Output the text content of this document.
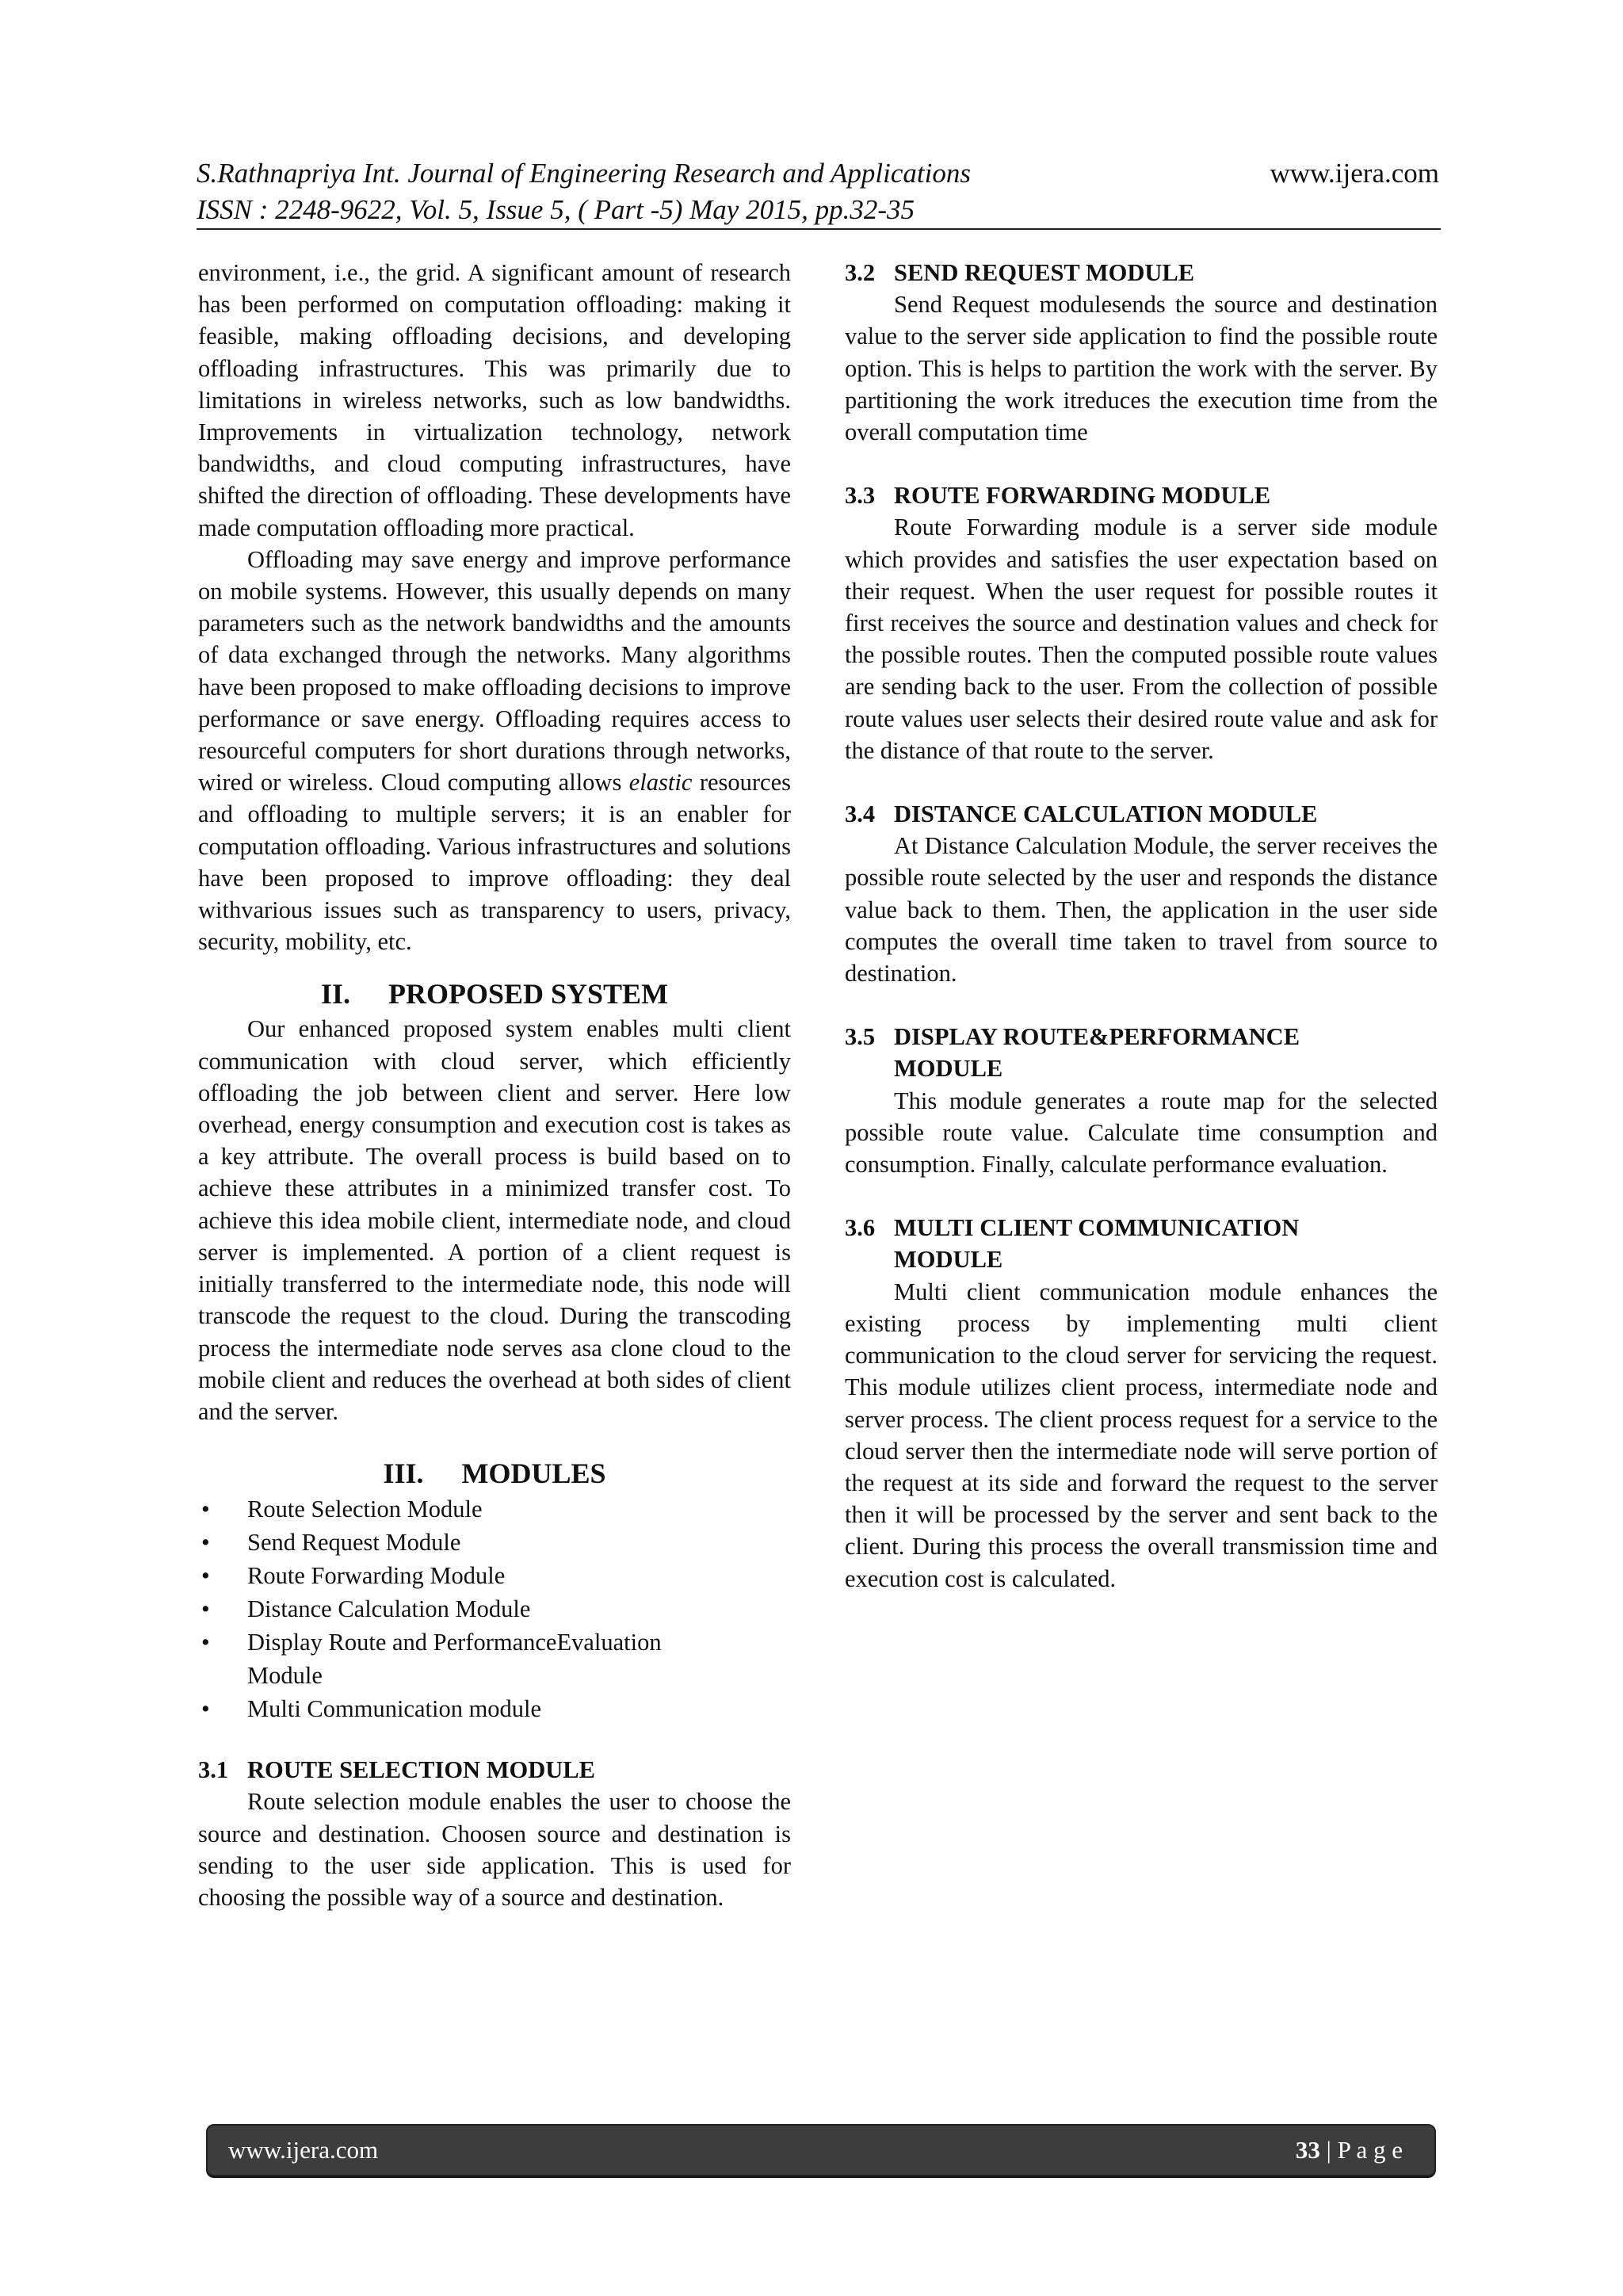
S.Rathnapriya Int. Journal of Engineering Research and Applications	www.ijera.com
ISSN : 2248-9622, Vol. 5, Issue 5, ( Part -5) May 2015, pp.32-35

environment, i.e., the grid. A significant amount of research has been performed on computation offloading: making it feasible, making offloading decisions, and developing offloading infrastructures. This was primarily due to limitations in wireless networks, such as low bandwidths. Improvements in virtualization technology, network bandwidths, and cloud computing infrastructures, have shifted the direction of offloading. These developments have made computation offloading more practical.

Offloading may save energy and improve performance on mobile systems. However, this usually depends on many parameters such as the network bandwidths and the amounts of data exchanged through the networks. Many algorithms have been proposed to make offloading decisions to improve performance or save energy. Offloading requires access to resourceful computers for short durations through networks, wired or wireless. Cloud computing allows elastic resources and offloading to multiple servers; it is an enabler for computation offloading. Various infrastructures and solutions have been proposed to improve offloading: they deal withvarious issues such as transparency to users, privacy, security, mobility, etc.

II. PROPOSED SYSTEM

Our enhanced proposed system enables multi client communication with cloud server, which efficiently offloading the job between client and server. Here low overhead, energy consumption and execution cost is takes as a key attribute. The overall process is build based on to achieve these attributes in a minimized transfer cost. To achieve this idea mobile client, intermediate node, and cloud server is implemented. A portion of a client request is initially transferred to the intermediate node, this node will transcode the request to the cloud. During the transcoding process the intermediate node serves asa clone cloud to the mobile client and reduces the overhead at both sides of client and the server.

III. MODULES
•	Route Selection Module
•	Send Request Module
•	Route Forwarding Module
•	Distance Calculation Module
•	Display Route and PerformanceEvaluation Module
•	Multi Communication module
3.1 ROUTE SELECTION MODULE

Route selection module enables the user to choose the source and destination. Choosen source and destination is sending to the user side application. This is used for choosing the possible way of a source and destination.

3.2 SEND REQUEST MODULE

Send Request modulesends the source and destination value to the server side application to find the possible route option. This is helps to partition the work with the server. By partitioning the work itreduces the execution time from the overall computation time

3.3 ROUTE FORWARDING MODULE

Route Forwarding module is a server side module which provides and satisfies the user expectation based on their request. When the user request for possible routes it first receives the source and destination values and check for the possible routes. Then the computed possible route values are sending back to the user. From the collection of possible route values user selects their desired route value and ask for the distance of that route to the server.

3.4 DISTANCE CALCULATION MODULE

At Distance Calculation Module, the server receives the possible route selected by the user and responds the distance value back to them. Then, the application in the user side computes the overall time taken to travel from source to destination.

3.5 DISPLAY ROUTE&PERFORMANCE MODULE

This module generates a route map for the selected possible route value. Calculate time consumption and consumption. Finally, calculate performance evaluation.

3.6 MULTI CLIENT COMMUNICATION MODULE

Multi client communication module enhances the existing process by implementing multi client communication to the cloud server for servicing the request. This module utilizes client process, intermediate node and server process. The client process request for a service to the cloud server then the intermediate node will serve portion of the request at its side and forward the request to the server then it will be processed by the server and sent back to the client. During this process the overall transmission time and execution cost is calculated.

www.ijera.com	33 | P a g e
